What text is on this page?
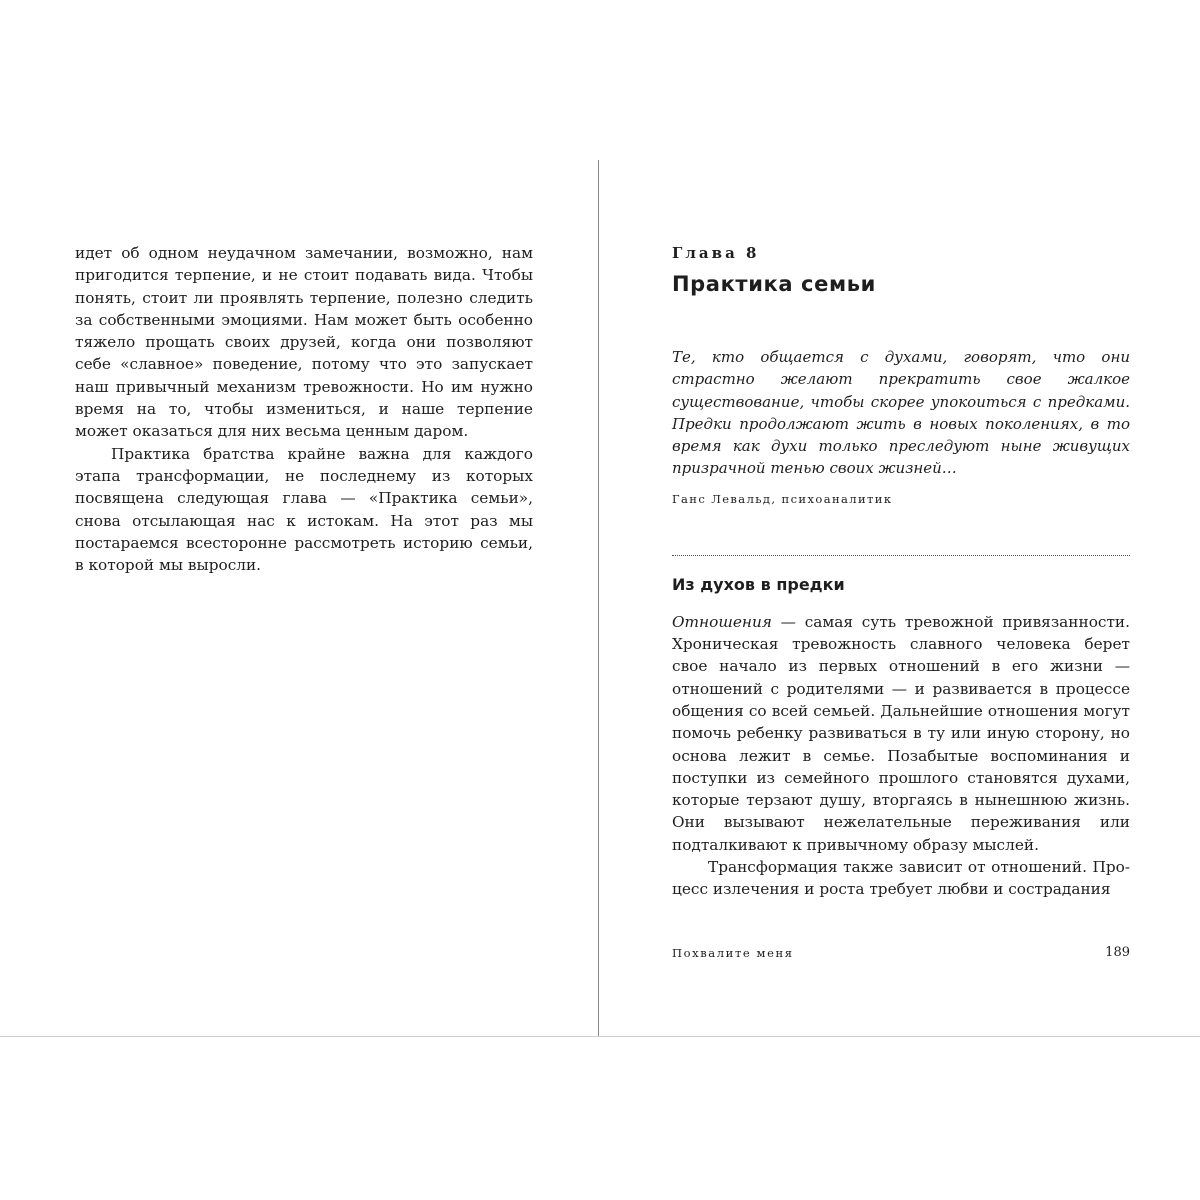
идет об одном неудачном замечании, возможно, нам пригодится терпение, и не стоит подавать вида. Чтобы понять, стоит ли проявлять терпение, полезно следить за собственными эмоциями. Нам может быть особенно тяжело прощать своих друзей, когда они позволяют себе «славное» поведение, потому что это запускает наш привычный механизм тревожности. Но им нужно время на то, чтобы измениться, и наше терпение может оказаться для них весьма ценным даром.

Практика братства крайне важна для каждого этапа трансформации, не последнему из которых посвящена следующая глава — «Практика семьи», снова отсылающая нас к истокам. На этот раз мы постараемся всесторонне рассмотреть историю семьи, в которой мы выросли.

Глава 8
Практика семьи
Те, кто общается с духами, говорят, что они страстно желают прекратить свое жалкое существование, чтобы скорее упокоиться с предками. Предки продолжают жить в новых поколениях, в то время как духи только преследуют ныне живущих призрачной тенью своих жизней…
Ганс Левальд, психоаналитик
Из духов в предки

Отношения — самая суть тревожной привязанности. Хроническая тревожность славного человека берет свое начало из первых отношений в его жизни — отношений с родителями — и развивается в процессе общения со всей семьей. Дальнейшие отношения могут помочь ребенку развиваться в ту или иную сторону, но основа лежит в семье. Позабытые воспоминания и поступки из семейного прошлого становятся духами, которые терзают душу, вторгаясь в нынешнюю жизнь. Они вызывают нежелательные переживания или подталкивают к привычному образу мыслей.

Трансформация также зависит от отношений. Процесс излечения и роста требует любви и сострадания

Похвалите меня	189
